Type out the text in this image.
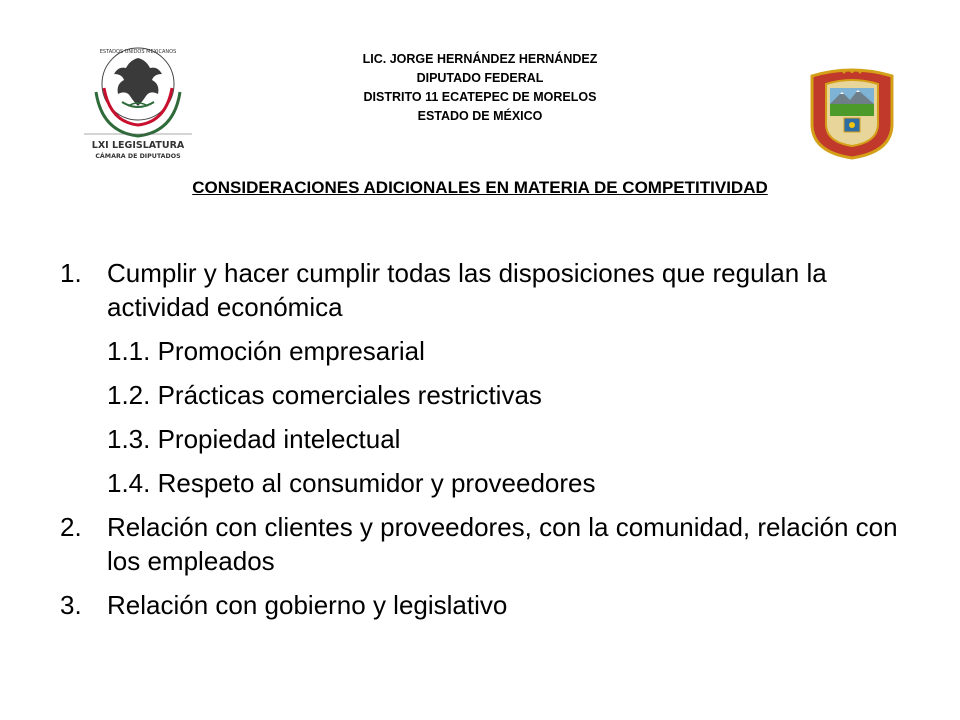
ESTADOS UNIDOS MEXICANOS
LXI LEGISLATURA
CÁMARA DE DIPUTADOS
LIC. JORGE HERNÁNDEZ HERNÁNDEZ
DIPUTADO FEDERAL
DISTRITO 11 ECATEPEC DE MORELOS
ESTADO DE MÉXICO
CONSIDERACIONES ADICIONALES EN MATERIA DE COMPETITIVIDAD
1. Cumplir y hacer cumplir todas las disposiciones que regulan la actividad económica
1.1. Promoción empresarial
1.2. Prácticas comerciales restrictivas
1.3. Propiedad intelectual
1.4. Respeto al consumidor y proveedores
2. Relación con clientes y proveedores, con la comunidad, relación con los empleados
3. Relación con gobierno y legislativo
